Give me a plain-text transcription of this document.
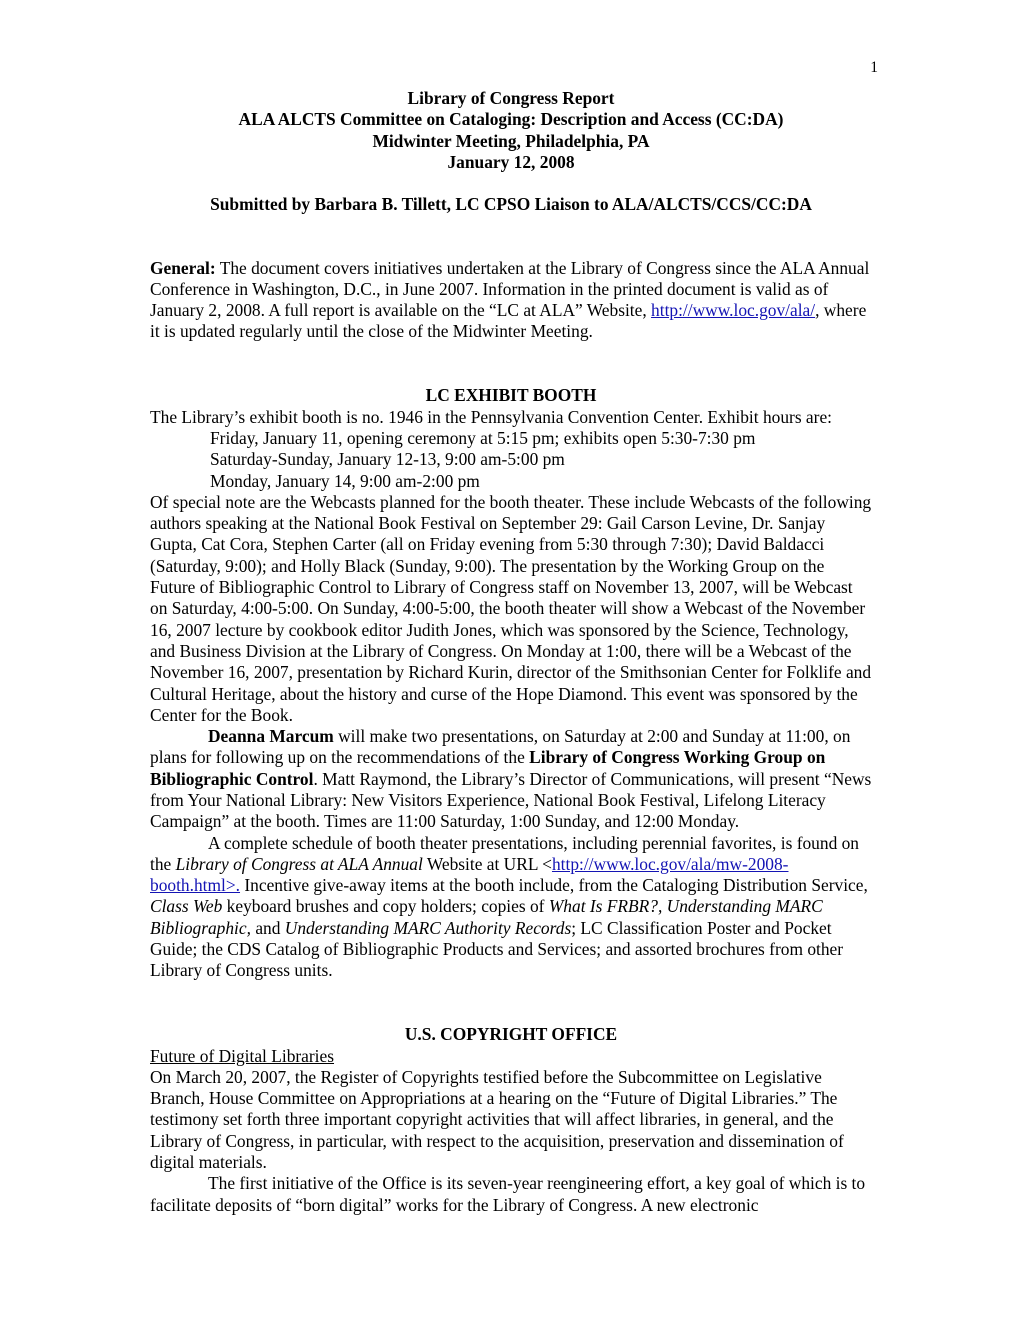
1
Library of Congress Report
ALA ALCTS Committee on Cataloging: Description and Access (CC:DA)
Midwinter Meeting, Philadelphia, PA
January 12, 2008
Submitted by Barbara B. Tillett, LC CPSO Liaison to ALA/ALCTS/CCS/CC:DA

General: The document covers initiatives undertaken at the Library of Congress since the ALA Annual Conference in Washington, D.C., in June 2007. Information in the printed document is valid as of January 2, 2008. A full report is available on the “LC at ALA” Website, http://www.loc.gov/ala/, where it is updated regularly until the close of the Midwinter Meeting.

LC EXHIBIT BOOTH

The Library’s exhibit booth is no. 1946 in the Pennsylvania Convention Center. Exhibit hours are:

Friday, January 11, opening ceremony at 5:15 pm; exhibits open 5:30-7:30 pm
Saturday-Sunday, January 12-13, 9:00 am-5:00 pm
Monday, January 14, 9:00 am-2:00 pm

Of special note are the Webcasts planned for the booth theater. These include Webcasts of the following authors speaking at the National Book Festival on September 29: Gail Carson Levine, Dr. Sanjay Gupta, Cat Cora, Stephen Carter (all on Friday evening from 5:30 through 7:30); David Baldacci (Saturday, 9:00); and Holly Black (Sunday, 9:00). The presentation by the Working Group on the Future of Bibliographic Control to Library of Congress staff on November 13, 2007, will be Webcast on Saturday, 4:00-5:00. On Sunday, 4:00-5:00, the booth theater will show a Webcast of the November 16, 2007 lecture by cookbook editor Judith Jones, which was sponsored by the Science, Technology, and Business Division at the Library of Congress. On Monday at 1:00, there will be a Webcast of the November 16, 2007, presentation by Richard Kurin, director of the Smithsonian Center for Folklife and Cultural Heritage, about the history and curse of the Hope Diamond. This event was sponsored by the Center for the Book.

Deanna Marcum will make two presentations, on Saturday at 2:00 and Sunday at 11:00, on plans for following up on the recommendations of the Library of Congress Working Group on Bibliographic Control. Matt Raymond, the Library’s Director of Communications, will present “News from Your National Library: New Visitors Experience, National Book Festival, Lifelong Literacy Campaign” at the booth. Times are 11:00 Saturday, 1:00 Sunday, and 12:00 Monday.

A complete schedule of booth theater presentations, including perennial favorites, is found on the Library of Congress at ALA Annual Website at URL <http://www.loc.gov/ala/mw-2008-booth.html>. Incentive give-away items at the booth include, from the Cataloging Distribution Service, Class Web keyboard brushes and copy holders; copies of What Is FRBR?, Understanding MARC Bibliographic, and Understanding MARC Authority Records; LC Classification Poster and Pocket Guide; the CDS Catalog of Bibliographic Products and Services; and assorted brochures from other Library of Congress units.

U.S. COPYRIGHT OFFICE
Future of Digital Libraries

On March 20, 2007, the Register of Copyrights testified before the Subcommittee on Legislative Branch, House Committee on Appropriations at a hearing on the “Future of Digital Libraries.” The testimony set forth three important copyright activities that will affect libraries, in general, and the Library of Congress, in particular, with respect to the acquisition, preservation and dissemination of digital materials.

The first initiative of the Office is its seven-year reengineering effort, a key goal of which is to facilitate deposits of “born digital” works for the Library of Congress. A new electronic
